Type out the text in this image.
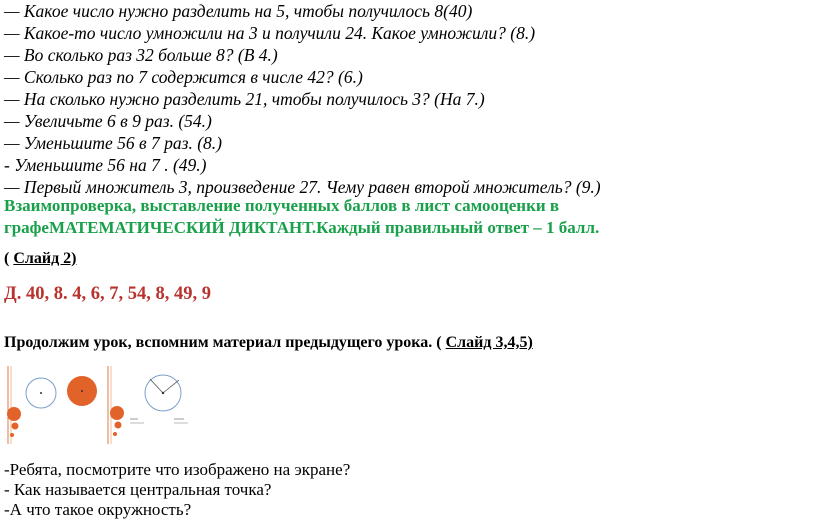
— Какое число нужно разделить на 5, чтобы получилось 8(40)
— Какое-то число умножили на 3 и получили 24. Какое умножили? (8.)
— Во сколько раз 32 больше 8? (В 4.)
— Сколько раз по 7 содержится в числе 42? (6.)
— На сколько нужно разделить 21, чтобы получилось 3? (На 7.)
— Увеличьте 6 в 9 раз. (54.)
— Уменьшите 56 в 7 раз. (8.)
- Уменьшите 56 на 7 . (49.)
— Первый множитель 3, произведение 27. Чему равен второй множитель? (9.)
Взаимопроверка, выставление полученных баллов в лист самооценки в
графеМАТЕМАТИЧЕСКИЙ ДИКТАНТ.Каждый правильный ответ – 1 балл.
( Слайд 2)
Д. 40, 8. 4, 6, 7, 54, 8, 49, 9
Продолжим урок, вспомним материал предыдущего урока. ( Слайд 3,4,5)
-Ребята, посмотрите что изображено на экране?
- Как называется центральная точка?
-А что такое окружность?
